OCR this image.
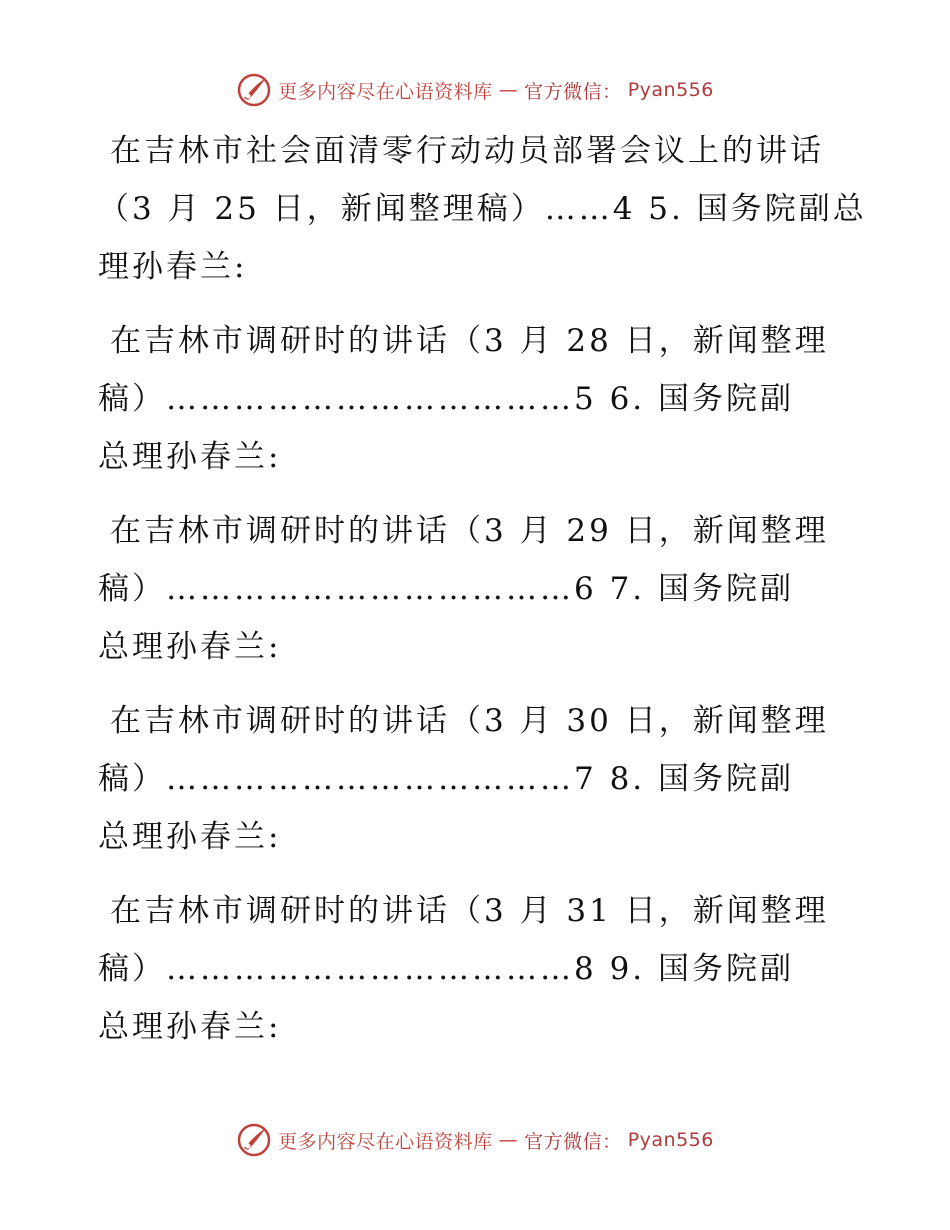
更多内容尽在心语资料库 — 官方微信： Pyan556
在吉林市社会面清零行动动员部署会议上的讲话
（3 月 25 日，新闻整理稿）……4 5. 国务院副总
理孙春兰:
在吉林市调研时的讲话（3 月 28 日，新闻整理
稿）………………………………5 6. 国务院副
总理孙春兰:
在吉林市调研时的讲话（3 月 29 日，新闻整理
稿）………………………………6 7. 国务院副
总理孙春兰:
在吉林市调研时的讲话（3 月 30 日，新闻整理
稿）………………………………7 8. 国务院副
总理孙春兰:
在吉林市调研时的讲话（3 月 31 日，新闻整理
稿）………………………………8 9. 国务院副
总理孙春兰:
更多内容尽在心语资料库 — 官方微信： Pyan556
